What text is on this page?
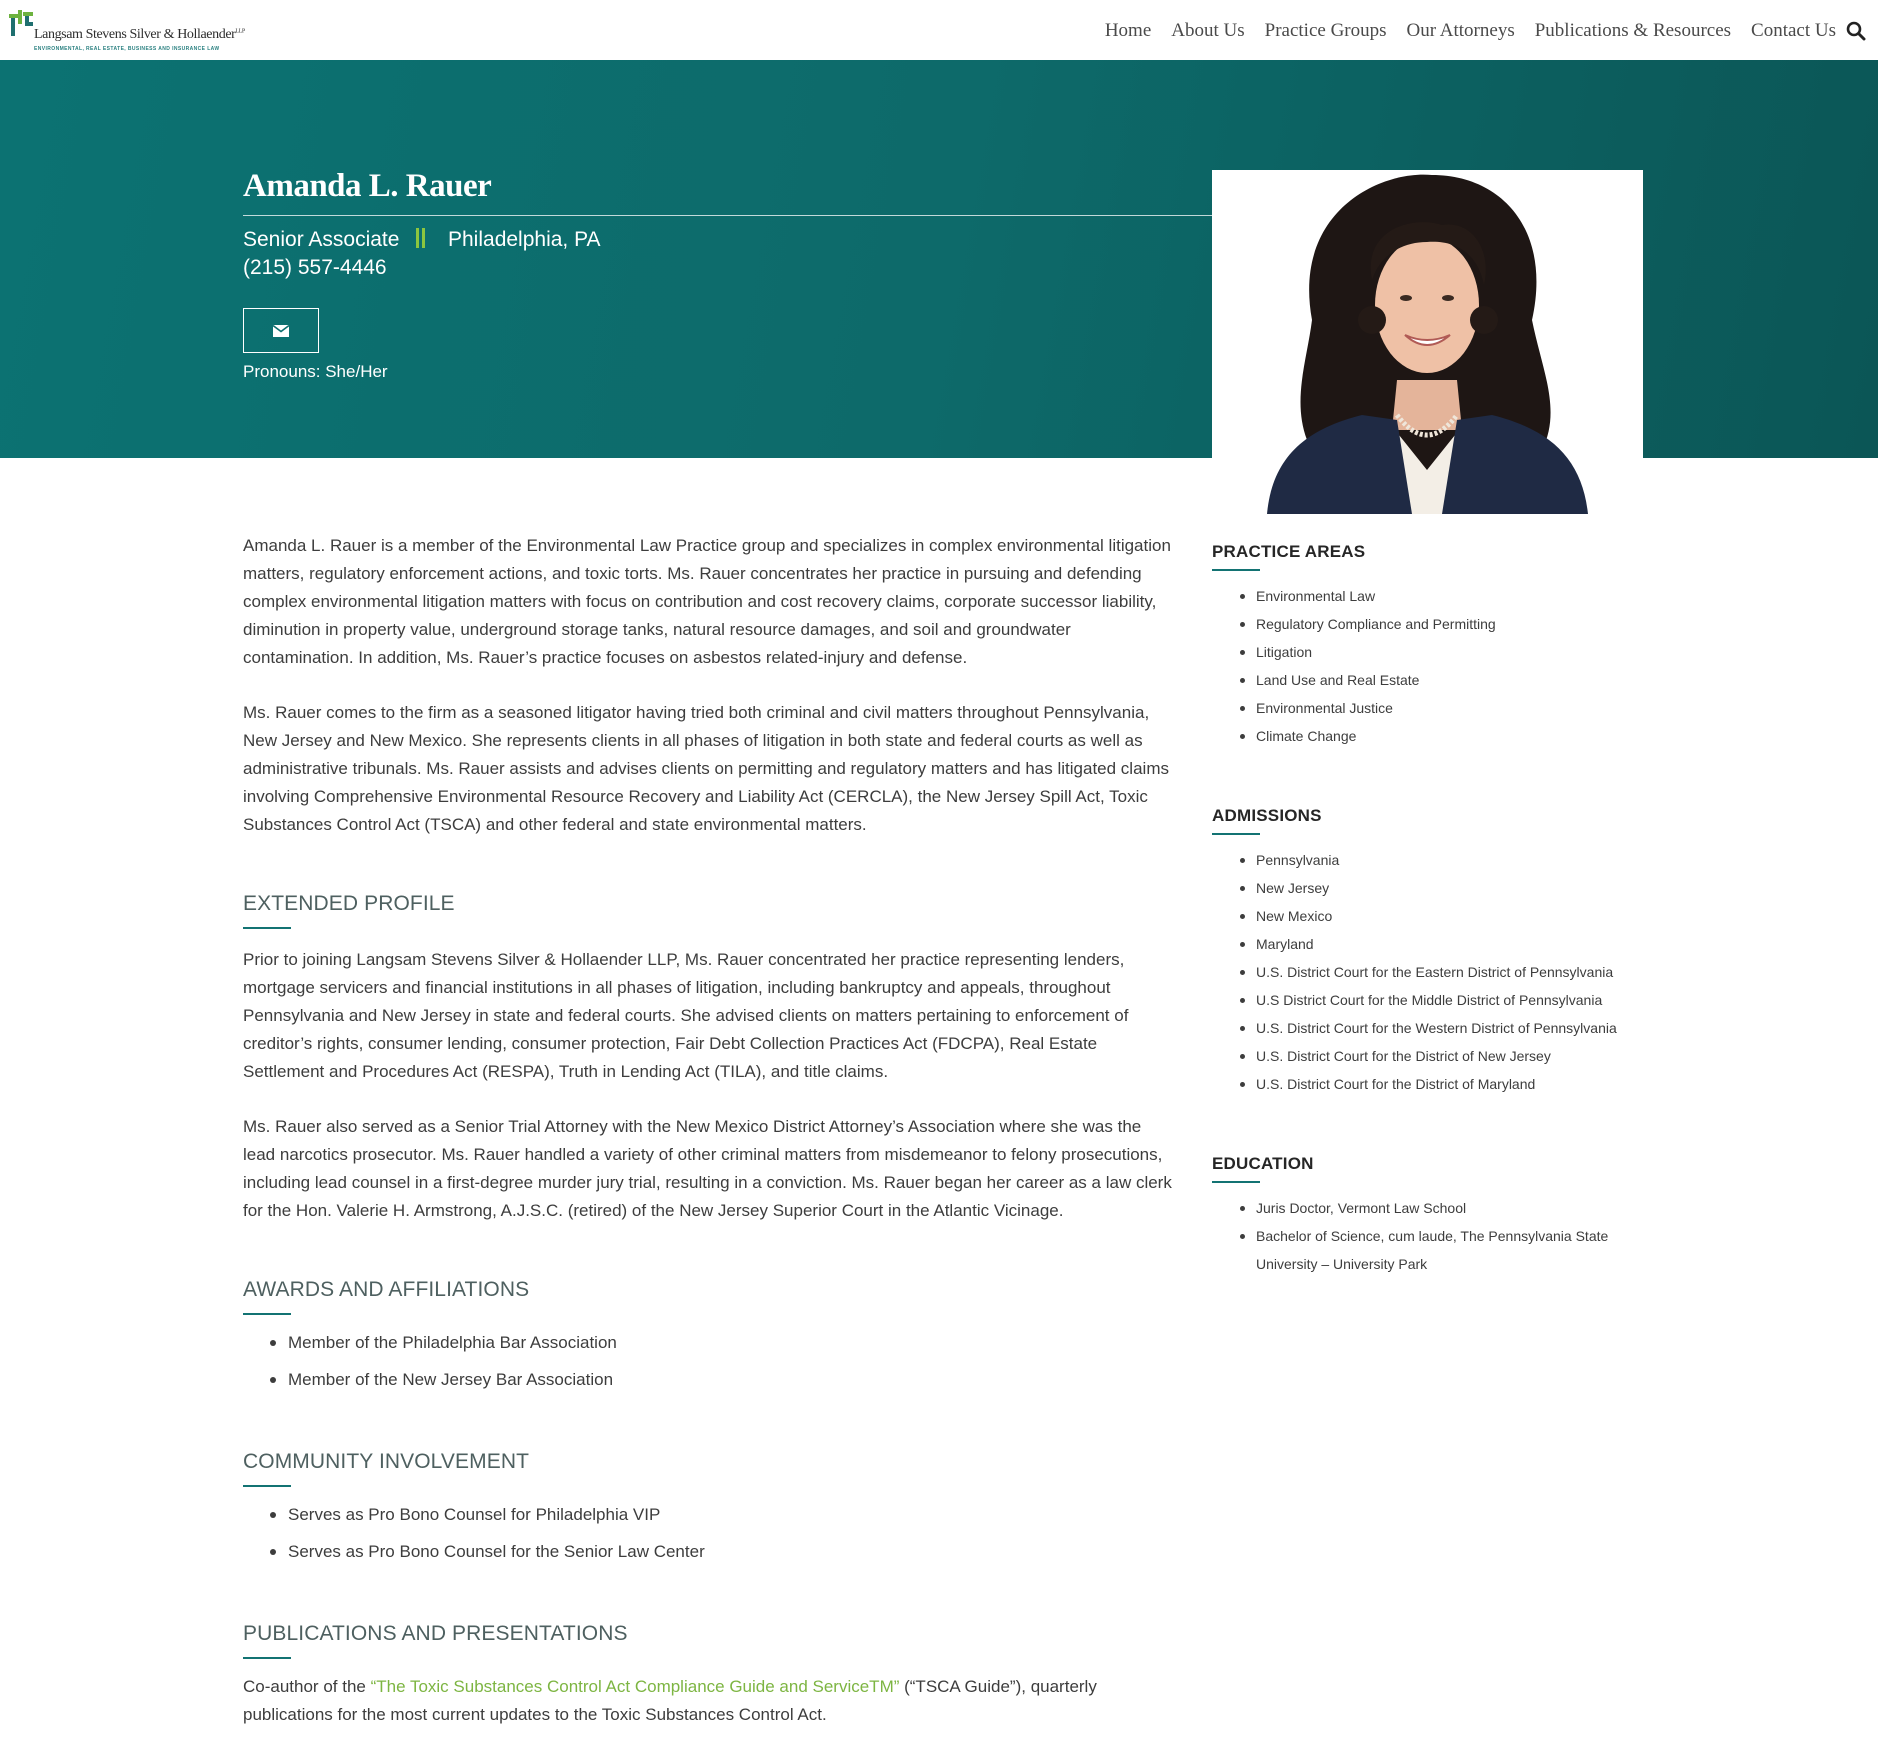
Langsam Stevens Silver & Hollaender$^{LLP}$
ENVIRONMENTAL, REAL ESTATE, BUSINESS AND INSURANCE LAW
Home About Us Practice Groups Our Attorneys Publications & Resources Contact Us
Amanda L. Rauer
Senior Associate Philadelphia, PA
(215) 557-4446
Pronouns: She/Her

Amanda L. Rauer is a member of the Environmental Law Practice group and specializes in complex environmental litigation matters, regulatory enforcement actions, and toxic torts. Ms. Rauer concentrates her practice in pursuing and defending complex environmental litigation matters with focus on contribution and cost recovery claims, corporate successor liability, diminution in property value, underground storage tanks, natural resource damages, and soil and groundwater contamination. In addition, Ms. Rauer’s practice focuses on asbestos related-injury and defense.

Ms. Rauer comes to the firm as a seasoned litigator having tried both criminal and civil matters throughout Pennsylvania, New Jersey and New Mexico. She represents clients in all phases of litigation in both state and federal courts as well as administrative tribunals. Ms. Rauer assists and advises clients on permitting and regulatory matters and has litigated claims involving Comprehensive Environmental Resource Recovery and Liability Act (CERCLA), the New Jersey Spill Act, Toxic Substances Control Act (TSCA) and other federal and state environmental matters.

EXTENDED PROFILE

Prior to joining Langsam Stevens Silver & Hollaender LLP, Ms. Rauer concentrated her practice representing lenders, mortgage servicers and financial institutions in all phases of litigation, including bankruptcy and appeals, throughout Pennsylvania and New Jersey in state and federal courts. She advised clients on matters pertaining to enforcement of creditor’s rights, consumer lending, consumer protection, Fair Debt Collection Practices Act (FDCPA), Real Estate Settlement and Procedures Act (RESPA), Truth in Lending Act (TILA), and title claims.

Ms. Rauer also served as a Senior Trial Attorney with the New Mexico District Attorney’s Association where she was the lead narcotics prosecutor. Ms. Rauer handled a variety of other criminal matters from misdemeanor to felony prosecutions, including lead counsel in a first-degree murder jury trial, resulting in a conviction. Ms. Rauer began her career as a law clerk for the Hon. Valerie H. Armstrong, A.J.S.C. (retired) of the New Jersey Superior Court in the Atlantic Vicinage.

AWARDS AND AFFILIATIONS
Member of the Philadelphia Bar Association
Member of the New Jersey Bar Association
COMMUNITY INVOLVEMENT
Serves as Pro Bono Counsel for Philadelphia VIP
Serves as Pro Bono Counsel for the Senior Law Center
PUBLICATIONS AND PRESENTATIONS

Co-author of the “The Toxic Substances Control Act Compliance Guide and ServiceTM” (“TSCA Guide”), quarterly publications for the most current updates to the Toxic Substances Control Act.

PRACTICE AREAS
Environmental Law
Regulatory Compliance and Permitting
Litigation
Land Use and Real Estate
Environmental Justice
Climate Change
ADMISSIONS
Pennsylvania
New Jersey
New Mexico
Maryland
U.S. District Court for the Eastern District of Pennsylvania
U.S District Court for the Middle District of Pennsylvania
U.S. District Court for the Western District of Pennsylvania
U.S. District Court for the District of New Jersey
U.S. District Court for the District of Maryland
EDUCATION
Juris Doctor, Vermont Law School
Bachelor of Science, cum laude, The Pennsylvania State University – University Park
